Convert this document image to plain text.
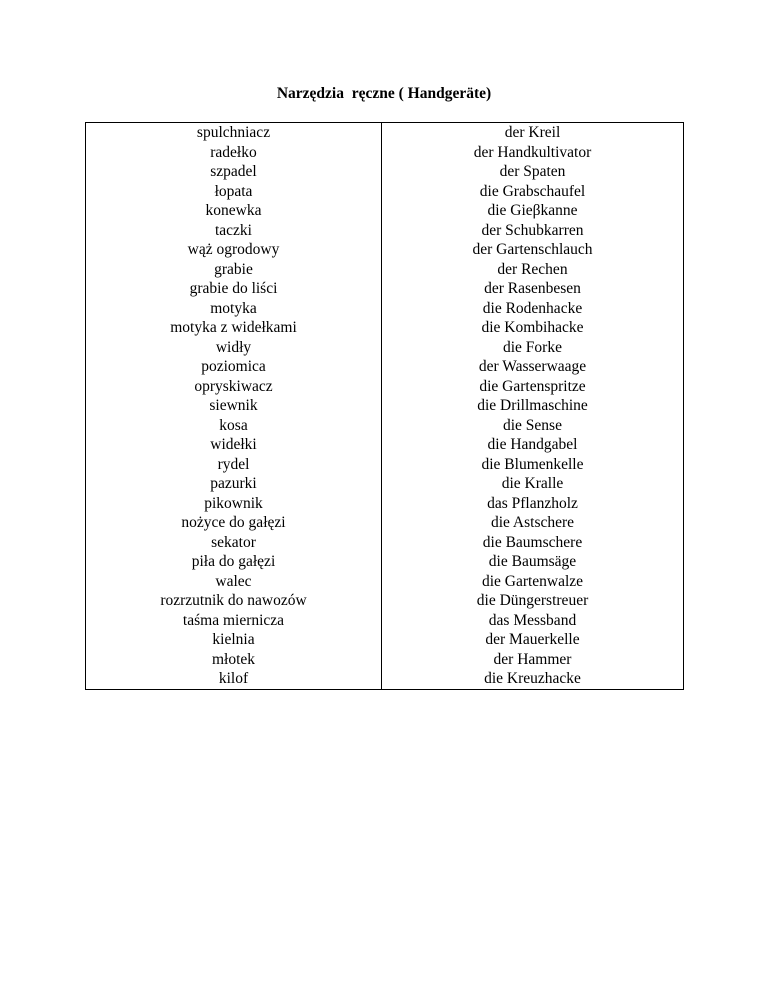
Narzędzia  ręczne ( Handgeräte)
spulchniacz	der Kreil
radełko	der Handkultivator
szpadel	der Spaten
łopata	die Grabschaufel
konewka	die Gieβkanne
taczki	der Schubkarren
wąż ogrodowy	der Gartenschlauch
grabie	der Rechen
grabie do liści	der Rasenbesen
motyka	die Rodenhacke
motyka z widełkami	die Kombihacke
widły	die Forke
poziomica	der Wasserwaage
opryskiwacz	die Gartenspritze
siewnik	die Drillmaschine
kosa	die Sense
widełki	die Handgabel
rydel	die Blumenkelle
pazurki	die Kralle
pikownik	das Pflanzholz
nożyce do gałęzi	die Astschere
sekator	die Baumschere
piła do gałęzi	die Baumsäge
walec	die Gartenwalze
rozrzutnik do nawozów	die Düngerstreuer
taśma miernicza	das Messband
kielnia	der Mauerkelle
młotek	der Hammer
kilof	die Kreuzhacke
